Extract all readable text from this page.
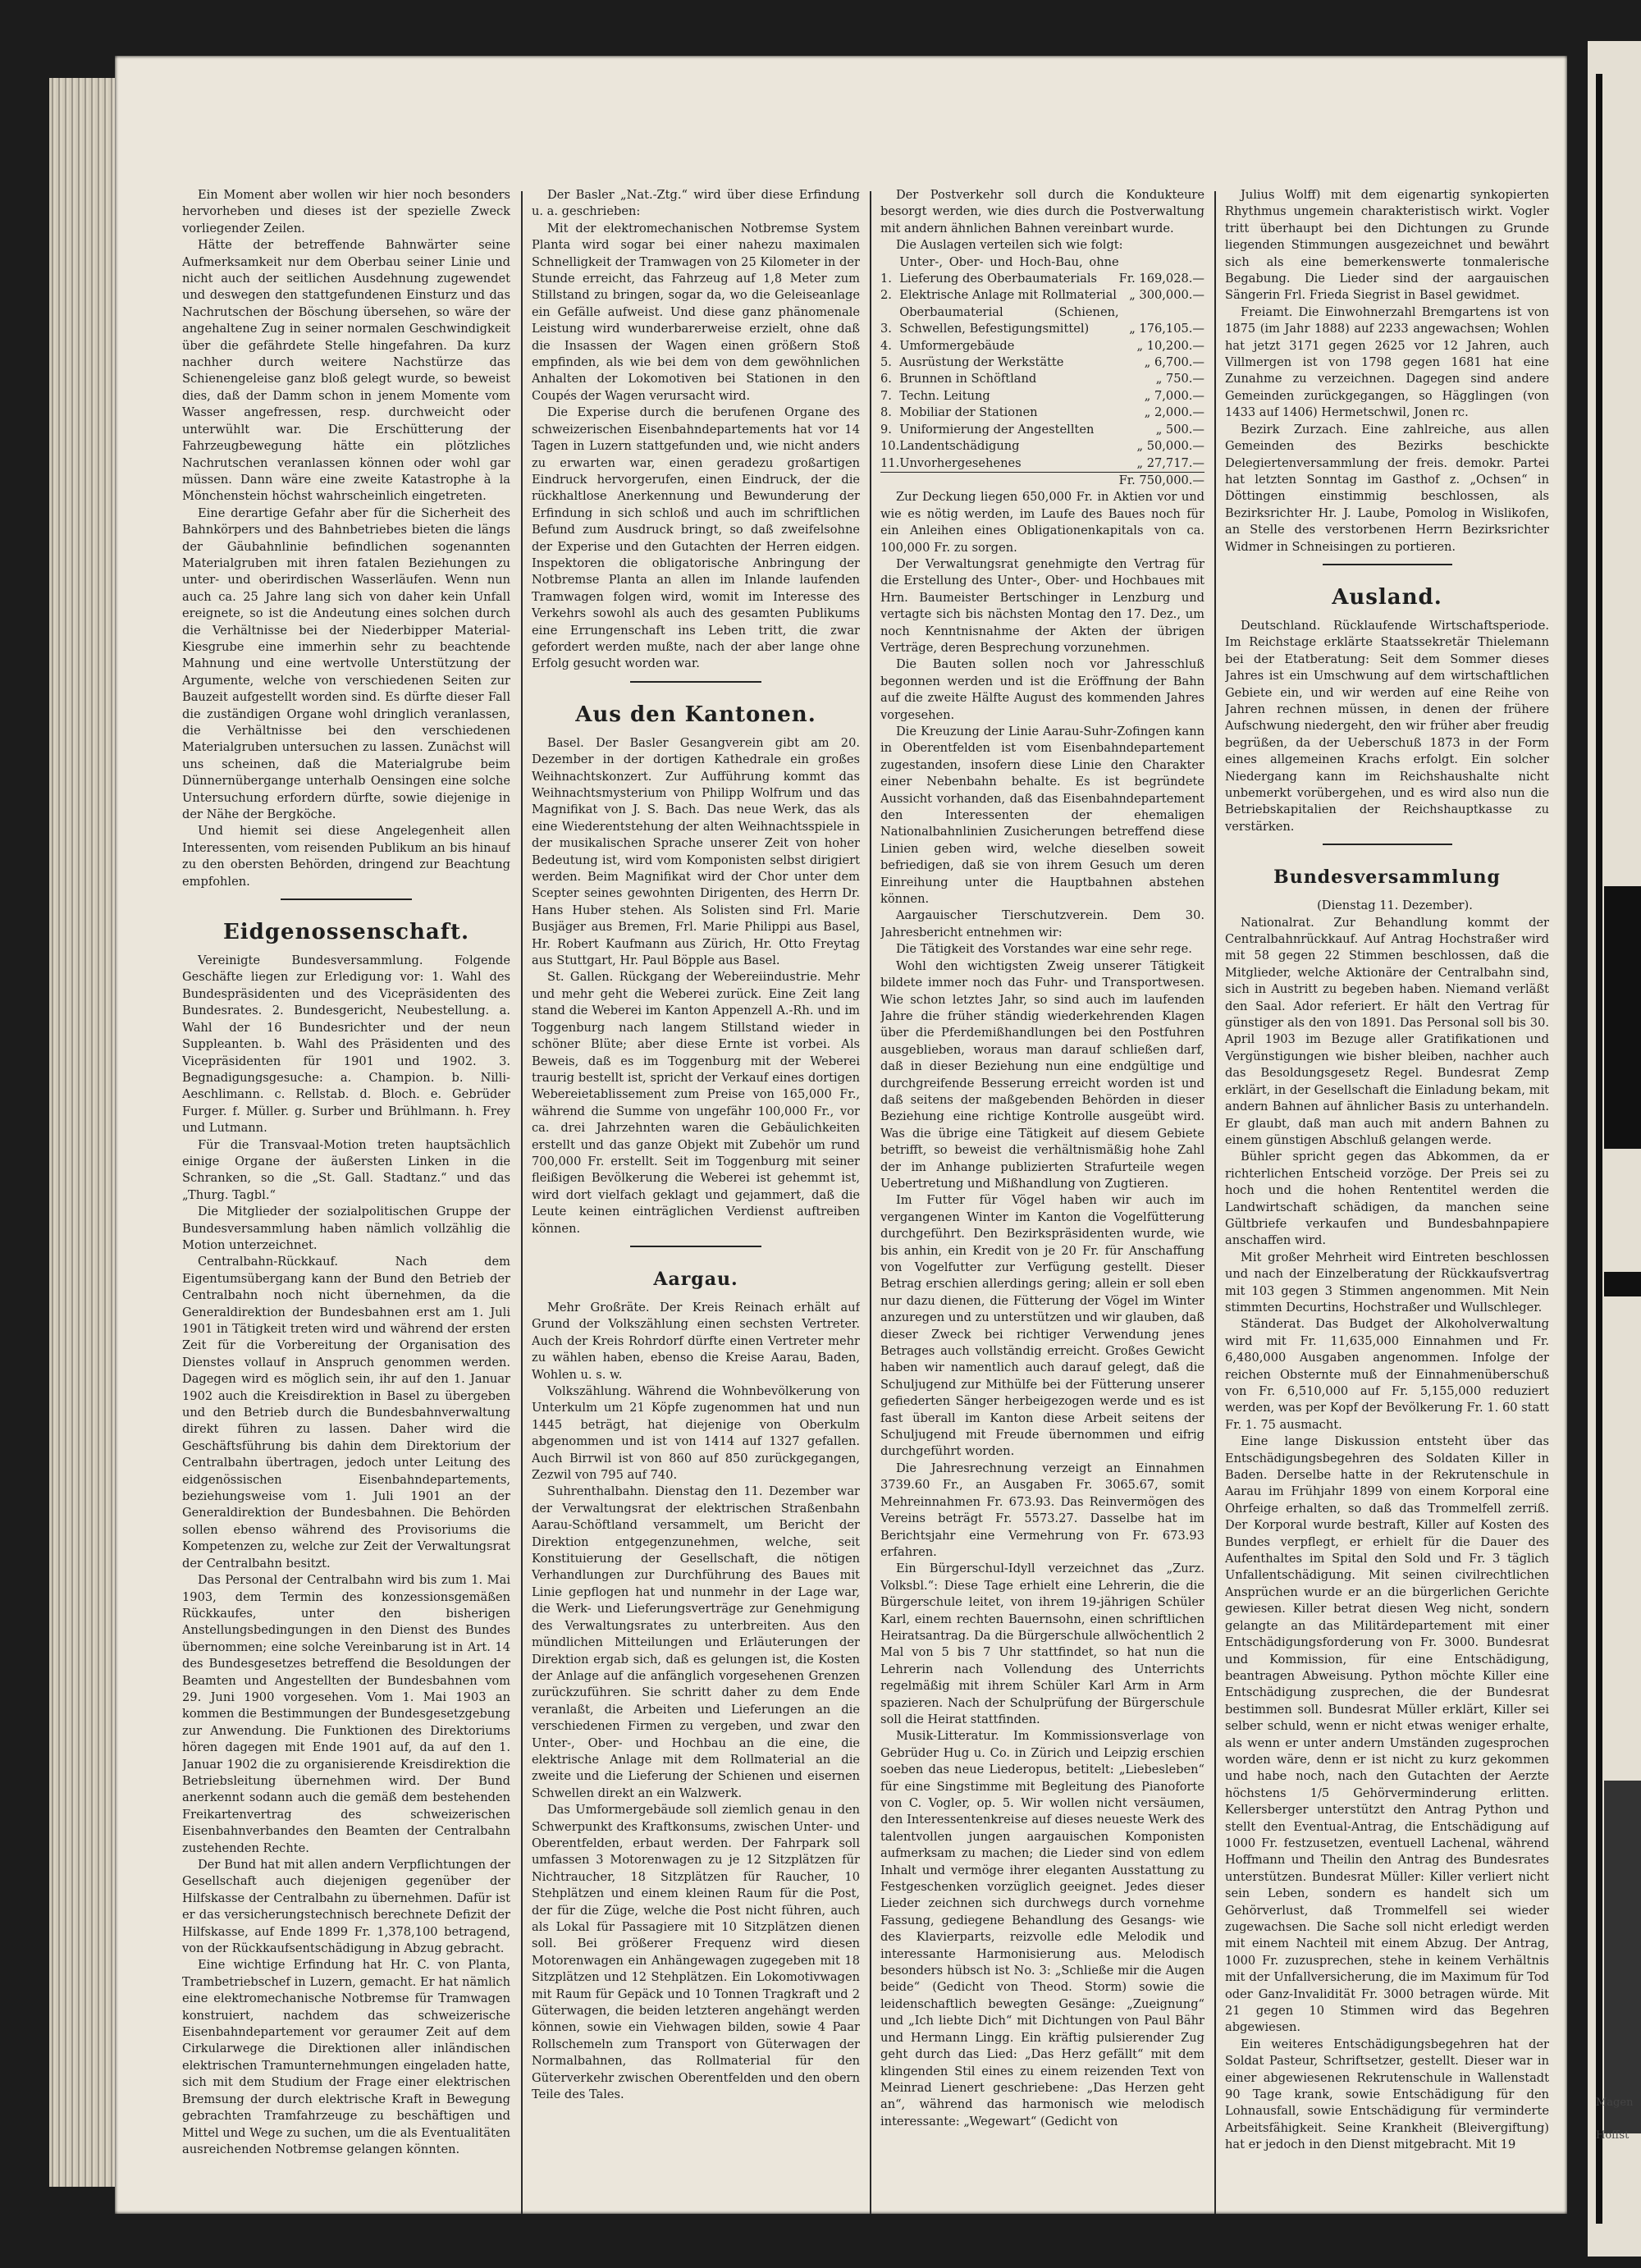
Ein Moment aber wollen wir hier noch besonders hervorheben und dieses ist der spezielle Zweck vorliegender Zeilen.

Hätte der betreffende Bahnwärter seine Aufmerksamkeit nur dem Oberbau seiner Linie und nicht auch der seitlichen Ausdehnung zugewendet und deswegen den stattgefundenen Einsturz und das Nachrutschen der Böschung übersehen, so wäre der angehaltene Zug in seiner normalen Geschwindigkeit über die gefährdete Stelle hingefahren. Da kurz nachher durch weitere Nachstürze das Schienengeleise ganz bloß gelegt wurde, so beweist dies, daß der Damm schon in jenem Momente vom Wasser angefressen, resp. durchweicht oder unterwühlt war. Die Erschütterung der Fahrzeugbewegung hätte ein plötzliches Nachrutschen veranlassen können oder wohl gar müssen. Dann wäre eine zweite Katastrophe à la Mönchenstein höchst wahrscheinlich eingetreten.

Eine derartige Gefahr aber für die Sicherheit des Bahnkörpers und des Bahnbetriebes bieten die längs der Gäubahnlinie befindlichen sogenannten Materialgruben mit ihren fatalen Beziehungen zu unter- und oberirdischen Wasserläufen. Wenn nun auch ca. 25 Jahre lang sich von daher kein Unfall ereignete, so ist die Andeutung eines solchen durch die Verhältnisse bei der Niederbipper Material-Kiesgrube eine immerhin sehr zu beachtende Mahnung und eine wertvolle Unterstützung der Argumente, welche von verschiedenen Seiten zur Bauzeit aufgestellt worden sind. Es dürfte dieser Fall die zuständigen Organe wohl dringlich veranlassen, die Verhältnisse bei den verschiedenen Materialgruben untersuchen zu lassen. Zunächst will uns scheinen, daß die Materialgrube beim Dünnernübergange unterhalb Oensingen eine solche Untersuchung erfordern dürfte, sowie diejenige in der Nähe der Bergköche.

Und hiemit sei diese Angelegenheit allen Interessenten, vom reisenden Publikum an bis hinauf zu den obersten Behörden, dringend zur Beachtung empfohlen.

Eidgenossenschaft.

Vereinigte Bundesversammlung. Folgende Geschäfte liegen zur Erledigung vor: 1. Wahl des Bundespräsidenten und des Vicepräsidenten des Bundesrates. 2. Bundesgericht, Neubestellung. a. Wahl der 16 Bundesrichter und der neun Suppleanten. b. Wahl des Präsidenten und des Vicepräsidenten für 1901 und 1902. 3. Begnadigungsgesuche: a. Champion. b. Nilli-Aeschlimann. c. Rellstab. d. Bloch. e. Gebrüder Furger. f. Müller. g. Surber und Brühlmann. h. Frey und Lutmann.

Für die Transvaal-Motion treten hauptsächlich einige Organe der äußersten Linken in die Schranken, so die „St. Gall. Stadtanz.“ und das „Thurg. Tagbl.“

Die Mitglieder der sozialpolitischen Gruppe der Bundesversammlung haben nämlich vollzählig die Motion unterzeichnet.

Centralbahn-Rückkauf. Nach dem Eigentumsübergang kann der Bund den Betrieb der Centralbahn noch nicht übernehmen, da die Generaldirektion der Bundesbahnen erst am 1. Juli 1901 in Tätigkeit treten wird und während der ersten Zeit für die Vorbereitung der Organisation des Dienstes vollauf in Anspruch genommen werden. Dagegen wird es möglich sein, ihr auf den 1. Januar 1902 auch die Kreisdirektion in Basel zu übergeben und den Betrieb durch die Bundesbahnverwaltung direkt führen zu lassen. Daher wird die Geschäftsführung bis dahin dem Direktorium der Centralbahn übertragen, jedoch unter Leitung des eidgenössischen Eisenbahndepartements, beziehungsweise vom 1. Juli 1901 an der Generaldirektion der Bundesbahnen. Die Behörden sollen ebenso während des Provisoriums die Kompetenzen zu, welche zur Zeit der Verwaltungsrat der Centralbahn besitzt.

Das Personal der Centralbahn wird bis zum 1. Mai 1903, dem Termin des konzessionsgemäßen Rückkaufes, unter den bisherigen Anstellungsbedingungen in den Dienst des Bundes übernommen; eine solche Vereinbarung ist in Art. 14 des Bundesgesetzes betreffend die Besoldungen der Beamten und Angestellten der Bundesbahnen vom 29. Juni 1900 vorgesehen. Vom 1. Mai 1903 an kommen die Bestimmungen der Bundesgesetzgebung zur Anwendung. Die Funktionen des Direktoriums hören dagegen mit Ende 1901 auf, da auf den 1. Januar 1902 die zu organisierende Kreisdirektion die Betriebsleitung übernehmen wird. Der Bund anerkennt sodann auch die gemäß dem bestehenden Freikartenvertrag des schweizerischen Eisenbahnverbandes den Beamten der Centralbahn zustehenden Rechte.

Der Bund hat mit allen andern Verpflichtungen der Gesellschaft auch diejenigen gegenüber der Hilfskasse der Centralbahn zu übernehmen. Dafür ist er das versicherungstechnisch berechnete Defizit der Hilfskasse, auf Ende 1899 Fr. 1,378,100 betragend, von der Rückkaufsentschädigung in Abzug gebracht.

Eine wichtige Erfindung hat Hr. C. von Planta, Trambetriebschef in Luzern, gemacht. Er hat nämlich eine elektromechanische Notbremse für Tramwagen konstruiert, nachdem das schweizerische Eisenbahndepartement vor geraumer Zeit auf dem Cirkularwege die Direktionen aller inländischen elektrischen Tramunternehmungen eingeladen hatte, sich mit dem Studium der Frage einer elektrischen Bremsung der durch elektrische Kraft in Bewegung gebrachten Tramfahrzeuge zu beschäftigen und Mittel und Wege zu suchen, um die als Eventualitäten ausreichenden Notbremse gelangen könnten.

Der Basler „Nat.-Ztg.“ wird über diese Erfindung u. a. geschrieben:

Mit der elektromechanischen Notbremse System Planta wird sogar bei einer nahezu maximalen Schnelligkeit der Tramwagen von 25 Kilometer in der Stunde erreicht, das Fahrzeug auf 1,8 Meter zum Stillstand zu bringen, sogar da, wo die Geleiseanlage ein Gefälle aufweist. Und diese ganz phänomenale Leistung wird wunderbarerweise erzielt, ohne daß die Insassen der Wagen einen größern Stoß empfinden, als wie bei dem von dem gewöhnlichen Anhalten der Lokomotiven bei Stationen in den Coupés der Wagen verursacht wird.

Die Experise durch die berufenen Organe des schweizerischen Eisenbahndepartements hat vor 14 Tagen in Luzern stattgefunden und, wie nicht anders zu erwarten war, einen geradezu großartigen Eindruck hervorgerufen, einen Eindruck, der die rückhaltlose Anerkennung und Bewunderung der Erfindung in sich schloß und auch im schriftlichen Befund zum Ausdruck bringt, so daß zweifelsohne der Experise und den Gutachten der Herren eidgen. Inspektoren die obligatorische Anbringung der Notbremse Planta an allen im Inlande laufenden Tramwagen folgen wird, womit im Interesse des Verkehrs sowohl als auch des gesamten Publikums eine Errungenschaft ins Leben tritt, die zwar gefordert werden mußte, nach der aber lange ohne Erfolg gesucht worden war.

Aus den Kantonen.

Basel. Der Basler Gesangverein gibt am 20. Dezember in der dortigen Kathedrale ein großes Weihnachtskonzert. Zur Aufführung kommt das Weihnachtsmysterium von Philipp Wolfrum und das Magnifikat von J. S. Bach. Das neue Werk, das als eine Wiederentstehung der alten Weihnachtsspiele in der musikalischen Sprache unserer Zeit von hoher Bedeutung ist, wird vom Komponisten selbst dirigiert werden. Beim Magnifikat wird der Chor unter dem Scepter seines gewohnten Dirigenten, des Herrn Dr. Hans Huber stehen. Als Solisten sind Frl. Marie Busjäger aus Bremen, Frl. Marie Philippi aus Basel, Hr. Robert Kaufmann aus Zürich, Hr. Otto Freytag aus Stuttgart, Hr. Paul Böpple aus Basel.

St. Gallen. Rückgang der Webereiindustrie. Mehr und mehr geht die Weberei zurück. Eine Zeit lang stand die Weberei im Kanton Appenzell A.-Rh. und im Toggenburg nach langem Stillstand wieder in schöner Blüte; aber diese Ernte ist vorbei. Als Beweis, daß es im Toggenburg mit der Weberei traurig bestellt ist, spricht der Verkauf eines dortigen Webereietablissement zum Preise von 165,000 Fr., während die Summe von ungefähr 100,000 Fr., vor ca. drei Jahrzehnten waren die Gebäulichkeiten erstellt und das ganze Objekt mit Zubehör um rund 700,000 Fr. erstellt. Seit im Toggenburg mit seiner fleißigen Bevölkerung die Weberei ist gehemmt ist, wird dort vielfach geklagt und gejammert, daß die Leute keinen einträglichen Verdienst auftreiben können.

Aargau.

Mehr Großräte. Der Kreis Reinach erhält auf Grund der Volkszählung einen sechsten Vertreter. Auch der Kreis Rohrdorf dürfte einen Vertreter mehr zu wählen haben, ebenso die Kreise Aarau, Baden, Wohlen u. s. w.

Volkszählung. Während die Wohnbevölkerung von Unterkulm um 21 Köpfe zugenommen hat und nun 1445 beträgt, hat diejenige von Oberkulm abgenommen und ist von 1414 auf 1327 gefallen. Auch Birrwil ist von 860 auf 850 zurückgegangen, Zezwil von 795 auf 740.

Suhrenthalbahn. Dienstag den 11. Dezember war der Verwaltungsrat der elektrischen Straßenbahn Aarau-Schöftland versammelt, um Bericht der Direktion entgegenzunehmen, welche, seit Konstituierung der Gesellschaft, die nötigen Verhandlungen zur Durchführung des Baues mit Linie gepflogen hat und nunmehr in der Lage war, die Werk- und Lieferungsverträge zur Genehmigung des Verwaltungsrates zu unterbreiten. Aus den mündlichen Mitteilungen und Erläuterungen der Direktion ergab sich, daß es gelungen ist, die Kosten der Anlage auf die anfänglich vorgesehenen Grenzen zurückzuführen. Sie schritt daher zu dem Ende veranlaßt, die Arbeiten und Lieferungen an die verschiedenen Firmen zu vergeben, und zwar den Unter-, Ober- und Hochbau an die eine, die elektrische Anlage mit dem Rollmaterial an die zweite und die Lieferung der Schienen und eisernen Schwellen direkt an ein Walzwerk.

Das Umformergebäude soll ziemlich genau in den Schwerpunkt des Kraftkonsums, zwischen Unter- und Oberentfelden, erbaut werden. Der Fahrpark soll umfassen 3 Motorenwagen zu je 12 Sitzplätzen für Nichtraucher, 18 Sitzplätzen für Raucher, 10 Stehplätzen und einem kleinen Raum für die Post, der für die Züge, welche die Post nicht führen, auch als Lokal für Passagiere mit 10 Sitzplätzen dienen soll. Bei größerer Frequenz wird diesen Motorenwagen ein Anhängewagen zugegeben mit 18 Sitzplätzen und 12 Stehplätzen. Ein Lokomotivwagen mit Raum für Gepäck und 10 Tonnen Tragkraft und 2 Güterwagen, die beiden letzteren angehängt werden können, sowie ein Viehwagen bilden, sowie 4 Paar Rollschemeln zum Transport von Güterwagen der Normalbahnen, das Rollmaterial für den Güterverkehr zwischen Oberentfelden und den obern Teile des Tales.

Der Postverkehr soll durch die Kondukteure besorgt werden, wie dies durch die Postverwaltung mit andern ähnlichen Bahnen vereinbart wurde.

Die Auslagen verteilen sich wie folgt:

1.	Unter-, Ober- und Hoch-Bau, ohne Lieferung des Oberbaumaterials	Fr. 169,028.—
2.	Elektrische Anlage mit Rollmaterial	„ 300,000.—
3.	Oberbaumaterial (Schienen, Schwellen, Befestigungsmittel)	„ 176,105.—
4.	Umformergebäude	„ 10,200.—
5.	Ausrüstung der Werkstätte	„ 6,700.—
6.	Brunnen in Schöftland	„ 750.—
7.	Techn. Leitung	„ 7,000.—
8.	Mobiliar der Stationen	„ 2,000.—
9.	Uniformierung der Angestellten	„ 500.—
10.	Landentschädigung	„ 50,000.—
11.	Unvorhergesehenes	„ 27,717.—
		Fr. 750,000.—

Zur Deckung liegen 650,000 Fr. in Aktien vor und wie es nötig werden, im Laufe des Baues noch für ein Anleihen eines Obligationenkapitals von ca. 100,000 Fr. zu sorgen.

Der Verwaltungsrat genehmigte den Vertrag für die Erstellung des Unter-, Ober- und Hochbaues mit Hrn. Baumeister Bertschinger in Lenzburg und vertagte sich bis nächsten Montag den 17. Dez., um noch Kenntnisnahme der Akten der übrigen Verträge, deren Besprechung vorzunehmen.

Die Bauten sollen noch vor Jahresschluß begonnen werden und ist die Eröffnung der Bahn auf die zweite Hälfte August des kommenden Jahres vorgesehen.

Die Kreuzung der Linie Aarau-Suhr-Zofingen kann in Oberentfelden ist vom Eisenbahndepartement zugestanden, insofern diese Linie den Charakter einer Nebenbahn behalte. Es ist begründete Aussicht vorhanden, daß das Eisenbahndepartement den Interessenten der ehemaligen Nationalbahnlinien Zusicherungen betreffend diese Linien geben wird, welche dieselben soweit befriedigen, daß sie von ihrem Gesuch um deren Einreihung unter die Hauptbahnen abstehen können.

Aargauischer Tierschutzverein. Dem 30. Jahresbericht entnehmen wir:

Die Tätigkeit des Vorstandes war eine sehr rege.

Wohl den wichtigsten Zweig unserer Tätigkeit bildete immer noch das Fuhr- und Transportwesen. Wie schon letztes Jahr, so sind auch im laufenden Jahre die früher ständig wiederkehrenden Klagen über die Pferdemißhandlungen bei den Postfuhren ausgeblieben, woraus man darauf schließen darf, daß in dieser Beziehung nun eine endgültige und durchgreifende Besserung erreicht worden ist und daß seitens der maßgebenden Behörden in dieser Beziehung eine richtige Kontrolle ausgeübt wird. Was die übrige eine Tätigkeit auf diesem Gebiete betrifft, so beweist die verhältnismäßig hohe Zahl der im Anhange publizierten Strafurteile wegen Uebertretung und Mißhandlung von Zugtieren.

Im Futter für Vögel haben wir auch im vergangenen Winter im Kanton die Vogelfütterung durchgeführt. Den Bezirkspräsidenten wurde, wie bis anhin, ein Kredit von je 20 Fr. für Anschaffung von Vogelfutter zur Verfügung gestellt. Dieser Betrag erschien allerdings gering; allein er soll eben nur dazu dienen, die Fütterung der Vögel im Winter anzuregen und zu unterstützen und wir glauben, daß dieser Zweck bei richtiger Verwendung jenes Betrages auch vollständig erreicht. Großes Gewicht haben wir namentlich auch darauf gelegt, daß die Schuljugend zur Mithülfe bei der Fütterung unserer gefiederten Sänger herbeigezogen werde und es ist fast überall im Kanton diese Arbeit seitens der Schuljugend mit Freude übernommen und eifrig durchgeführt worden.

Die Jahresrechnung verzeigt an Einnahmen 3739.60 Fr., an Ausgaben Fr. 3065.67, somit Mehreinnahmen Fr. 673.93. Das Reinvermögen des Vereins beträgt Fr. 5573.27. Dasselbe hat im Berichtsjahr eine Vermehrung von Fr. 673.93 erfahren.

Ein Bürgerschul-Idyll verzeichnet das „Zurz. Volksbl.“: Diese Tage erhielt eine Lehrerin, die die Bürgerschule leitet, von ihrem 19-jährigen Schüler Karl, einem rechten Bauernsohn, einen schriftlichen Heiratsantrag. Da die Bürgerschule allwöchentlich 2 Mal von 5 bis 7 Uhr stattfindet, so hat nun die Lehrerin nach Vollendung des Unterrichts regelmäßig mit ihrem Schüler Karl Arm in Arm spazieren. Nach der Schulprüfung der Bürgerschule soll die Heirat stattfinden.

Musik-Litteratur. Im Kommissionsverlage von Gebrüder Hug u. Co. in Zürich und Leipzig erschien soeben das neue Liederopus, betitelt: „Liebesleben“ für eine Singstimme mit Begleitung des Pianoforte von C. Vogler, op. 5. Wir wollen nicht versäumen, den Interessentenkreise auf dieses neueste Werk des talentvollen jungen aargauischen Komponisten aufmerksam zu machen; die Lieder sind von edlem Inhalt und vermöge ihrer eleganten Ausstattung zu Festgeschenken vorzüglich geeignet. Jedes dieser Lieder zeichnen sich durchwegs durch vornehme Fassung, gediegene Behandlung des Gesangs- wie des Klavierparts, reizvolle edle Melodik und interessante Harmonisierung aus. Melodisch besonders hübsch ist No. 3: „Schließe mir die Augen beide“ (Gedicht von Theod. Storm) sowie die leidenschaftlich bewegten Gesänge: „Zueignung“ und „Ich liebte Dich“ mit Dichtungen von Paul Bähr und Hermann Lingg. Ein kräftig pulsierender Zug geht durch das Lied: „Das Herz gefällt“ mit dem klingenden Stil eines zu einem reizenden Text von Meinrad Lienert geschriebene: „Das Herzen geht an“, während das harmonisch wie melodisch interessante: „Wegewart“ (Gedicht von

Julius Wolff) mit dem eigenartig synkopierten Rhythmus ungemein charakteristisch wirkt. Vogler tritt überhaupt bei den Dichtungen zu Grunde liegenden Stimmungen ausgezeichnet und bewährt sich als eine bemerkenswerte tonmalerische Begabung. Die Lieder sind der aargauischen Sängerin Frl. Frieda Siegrist in Basel gewidmet.

Freiamt. Die Einwohnerzahl Bremgartens ist von 1875 (im Jahr 1888) auf 2233 angewachsen; Wohlen hat jetzt 3171 gegen 2625 vor 12 Jahren, auch Villmergen ist von 1798 gegen 1681 hat eine Zunahme zu verzeichnen. Dagegen sind andere Gemeinden zurückgegangen, so Hägglingen (von 1433 auf 1406) Hermetschwil, Jonen rc.

Bezirk Zurzach. Eine zahlreiche, aus allen Gemeinden des Bezirks beschickte Delegiertenversammlung der freis. demokr. Partei hat letzten Sonntag im Gasthof z. „Ochsen“ in Döttingen einstimmig beschlossen, als Bezirksrichter Hr. J. Laube, Pomolog in Wislikofen, an Stelle des verstorbenen Herrn Bezirksrichter Widmer in Schneisingen zu portieren.

Ausland.

Deutschland. Rücklaufende Wirtschaftsperiode. Im Reichstage erklärte Staatssekretär Thielemann bei der Etatberatung: Seit dem Sommer dieses Jahres ist ein Umschwung auf dem wirtschaftlichen Gebiete ein, und wir werden auf eine Reihe von Jahren rechnen müssen, in denen der frühere Aufschwung niedergeht, den wir früher aber freudig begrüßen, da der Ueberschuß 1873 in der Form eines allgemeinen Krachs erfolgt. Ein solcher Niedergang kann im Reichshaushalte nicht unbemerkt vorübergehen, und es wird also nun die Betriebskapitalien der Reichshauptkasse zu verstärken.

Bundesversammlung

(Dienstag 11. Dezember).

Nationalrat. Zur Behandlung kommt der Centralbahnrückkauf. Auf Antrag Hochstraßer wird mit 58 gegen 22 Stimmen beschlossen, daß die Mitglieder, welche Aktionäre der Centralbahn sind, sich in Austritt zu begeben haben. Niemand verläßt den Saal. Ador referiert. Er hält den Vertrag für günstiger als den von 1891. Das Personal soll bis 30. April 1903 im Bezuge aller Gratifikationen und Vergünstigungen wie bisher bleiben, nachher auch das Besoldungsgesetz Regel. Bundesrat Zemp erklärt, in der Gesellschaft die Einladung bekam, mit andern Bahnen auf ähnlicher Basis zu unterhandeln. Er glaubt, daß man auch mit andern Bahnen zu einem günstigen Abschluß gelangen werde.

Bühler spricht gegen das Abkommen, da er richterlichen Entscheid vorzöge. Der Preis sei zu hoch und die hohen Rententitel werden die Landwirtschaft schädigen, da manchen seine Gültbriefe verkaufen und Bundesbahnpapiere anschaffen wird.

Mit großer Mehrheit wird Eintreten beschlossen und nach der Einzelberatung der Rückkaufsvertrag mit 103 gegen 3 Stimmen angenommen. Mit Nein stimmten Decurtins, Hochstraßer und Wullschleger.

Ständerat. Das Budget der Alkoholverwaltung wird mit Fr. 11,635,000 Einnahmen und Fr. 6,480,000 Ausgaben angenommen. Infolge der reichen Obsternte muß der Einnahmenüberschuß von Fr. 6,510,000 auf Fr. 5,155,000 reduziert werden, was per Kopf der Bevölkerung Fr. 1. 60 statt Fr. 1. 75 ausmacht.

Eine lange Diskussion entsteht über das Entschädigungsbegehren des Soldaten Killer in Baden. Derselbe hatte in der Rekrutenschule in Aarau im Frühjahr 1899 von einem Korporal eine Ohrfeige erhalten, so daß das Trommelfell zerriß. Der Korporal wurde bestraft, Killer auf Kosten des Bundes verpflegt, er erhielt für die Dauer des Aufenthaltes im Spital den Sold und Fr. 3 täglich Unfallentschädigung. Mit seinen civilrechtlichen Ansprüchen wurde er an die bürgerlichen Gerichte gewiesen. Killer betrat diesen Weg nicht, sondern gelangte an das Militärdepartement mit einer Entschädigungsforderung von Fr. 3000. Bundesrat und Kommission, für eine Entschädigung, beantragen Abweisung. Python möchte Killer eine Entschädigung zusprechen, die der Bundesrat bestimmen soll. Bundesrat Müller erklärt, Killer sei selber schuld, wenn er nicht etwas weniger erhalte, als wenn er unter andern Umständen zugesprochen worden wäre, denn er ist nicht zu kurz gekommen und habe noch, nach den Gutachten der Aerzte höchstens 1/5 Gehörverminderung erlitten. Kellersberger unterstützt den Antrag Python und stellt den Eventual-Antrag, die Entschädigung auf 1000 Fr. festzusetzen, eventuell Lachenal, während Hoffmann und Theilin den Antrag des Bundesrates unterstützen. Bundesrat Müller: Killer verliert nicht sein Leben, sondern es handelt sich um Gehörverlust, daß Trommelfell sei wieder zugewachsen. Die Sache soll nicht erledigt werden mit einem Nachteil mit einem Abzug. Der Antrag, 1000 Fr. zuzusprechen, stehe in keinem Verhältnis mit der Unfallversicherung, die im Maximum für Tod oder Ganz-Invalidität Fr. 3000 betragen würde. Mit 21 gegen 10 Stimmen wird das Begehren abgewiesen.

Ein weiteres Entschädigungsbegehren hat der Soldat Pasteur, Schriftsetzer, gestellt. Dieser war in einer abgewiesenen Rekrutenschule in Wallenstadt 90 Tage krank, sowie Entschädigung für den Lohnausfall, sowie Entschädigung für verminderte Arbeitsfähigkeit. Seine Krankheit (Bleivergiftung) hat er jedoch in den Dienst mitgebracht. Mit 19

Magen
Hoffst
